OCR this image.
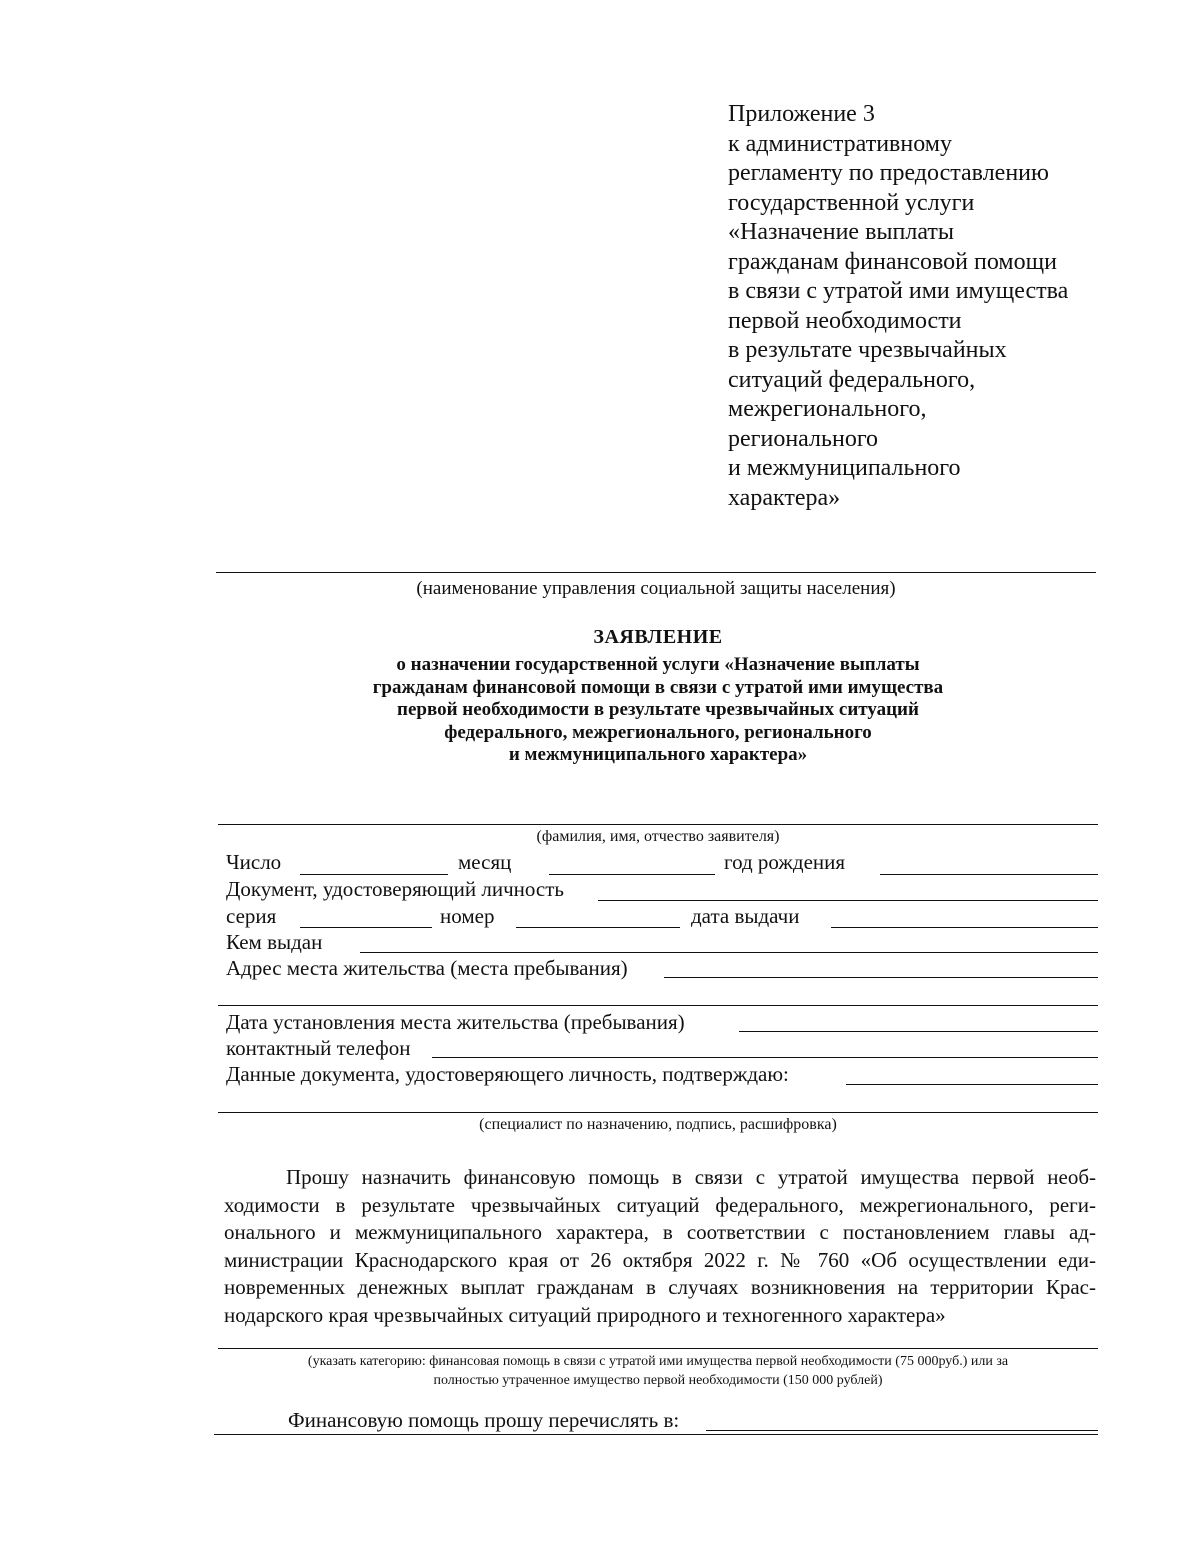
Приложение 3
к административному
регламенту по предоставлению
государственной услуги
«Назначение выплаты
гражданам финансовой помощи
в связи с утратой ими имущества
первой необходимости
в результате чрезвычайных
ситуаций федерального,
межрегионального,
регионального
и межмуниципального
характера»
(наименование управления социальной защиты населения)
ЗАЯВЛЕНИЕ
о назначении государственной услуги «Назначение выплаты
гражданам финансовой помощи в связи с утратой ими имущества
первой необходимости в результате чрезвычайных ситуаций
федерального, межрегионального, регионального
и межмуниципального характера»
(фамилия, имя, отчество заявителя)
Число	месяц	год рождения
Документ, удостоверяющий личность
серия	номер	дата выдачи
Кем выдан
Адрес места жительства (места пребывания)
Дата установления места жительства (пребывания)
контактный телефон
Данные документа, удостоверяющего личность, подтверждаю:
(специалист по назначению, подпись, расшифровка)
Прошу назначить финансовую помощь в связи с утратой имущества первой необ-
ходимости в результате чрезвычайных ситуаций федерального, межрегионального, реги-
онального и межмуниципального характера, в соответствии с постановлением главы ад-
министрации Краснодарского края от 26 октября 2022 г. № 760 «Об осуществлении еди-
новременных денежных выплат гражданам в случаях возникновения на территории Крас-
нодарского края чрезвычайных ситуаций природного и техногенного характера»
(указать категорию: финансовая помощь в связи с утратой ими имущества первой необходимости (75 000руб.) или за
полностью утраченное имущество первой необходимости (150 000 рублей)
Финансовую помощь прошу перечислять в:
